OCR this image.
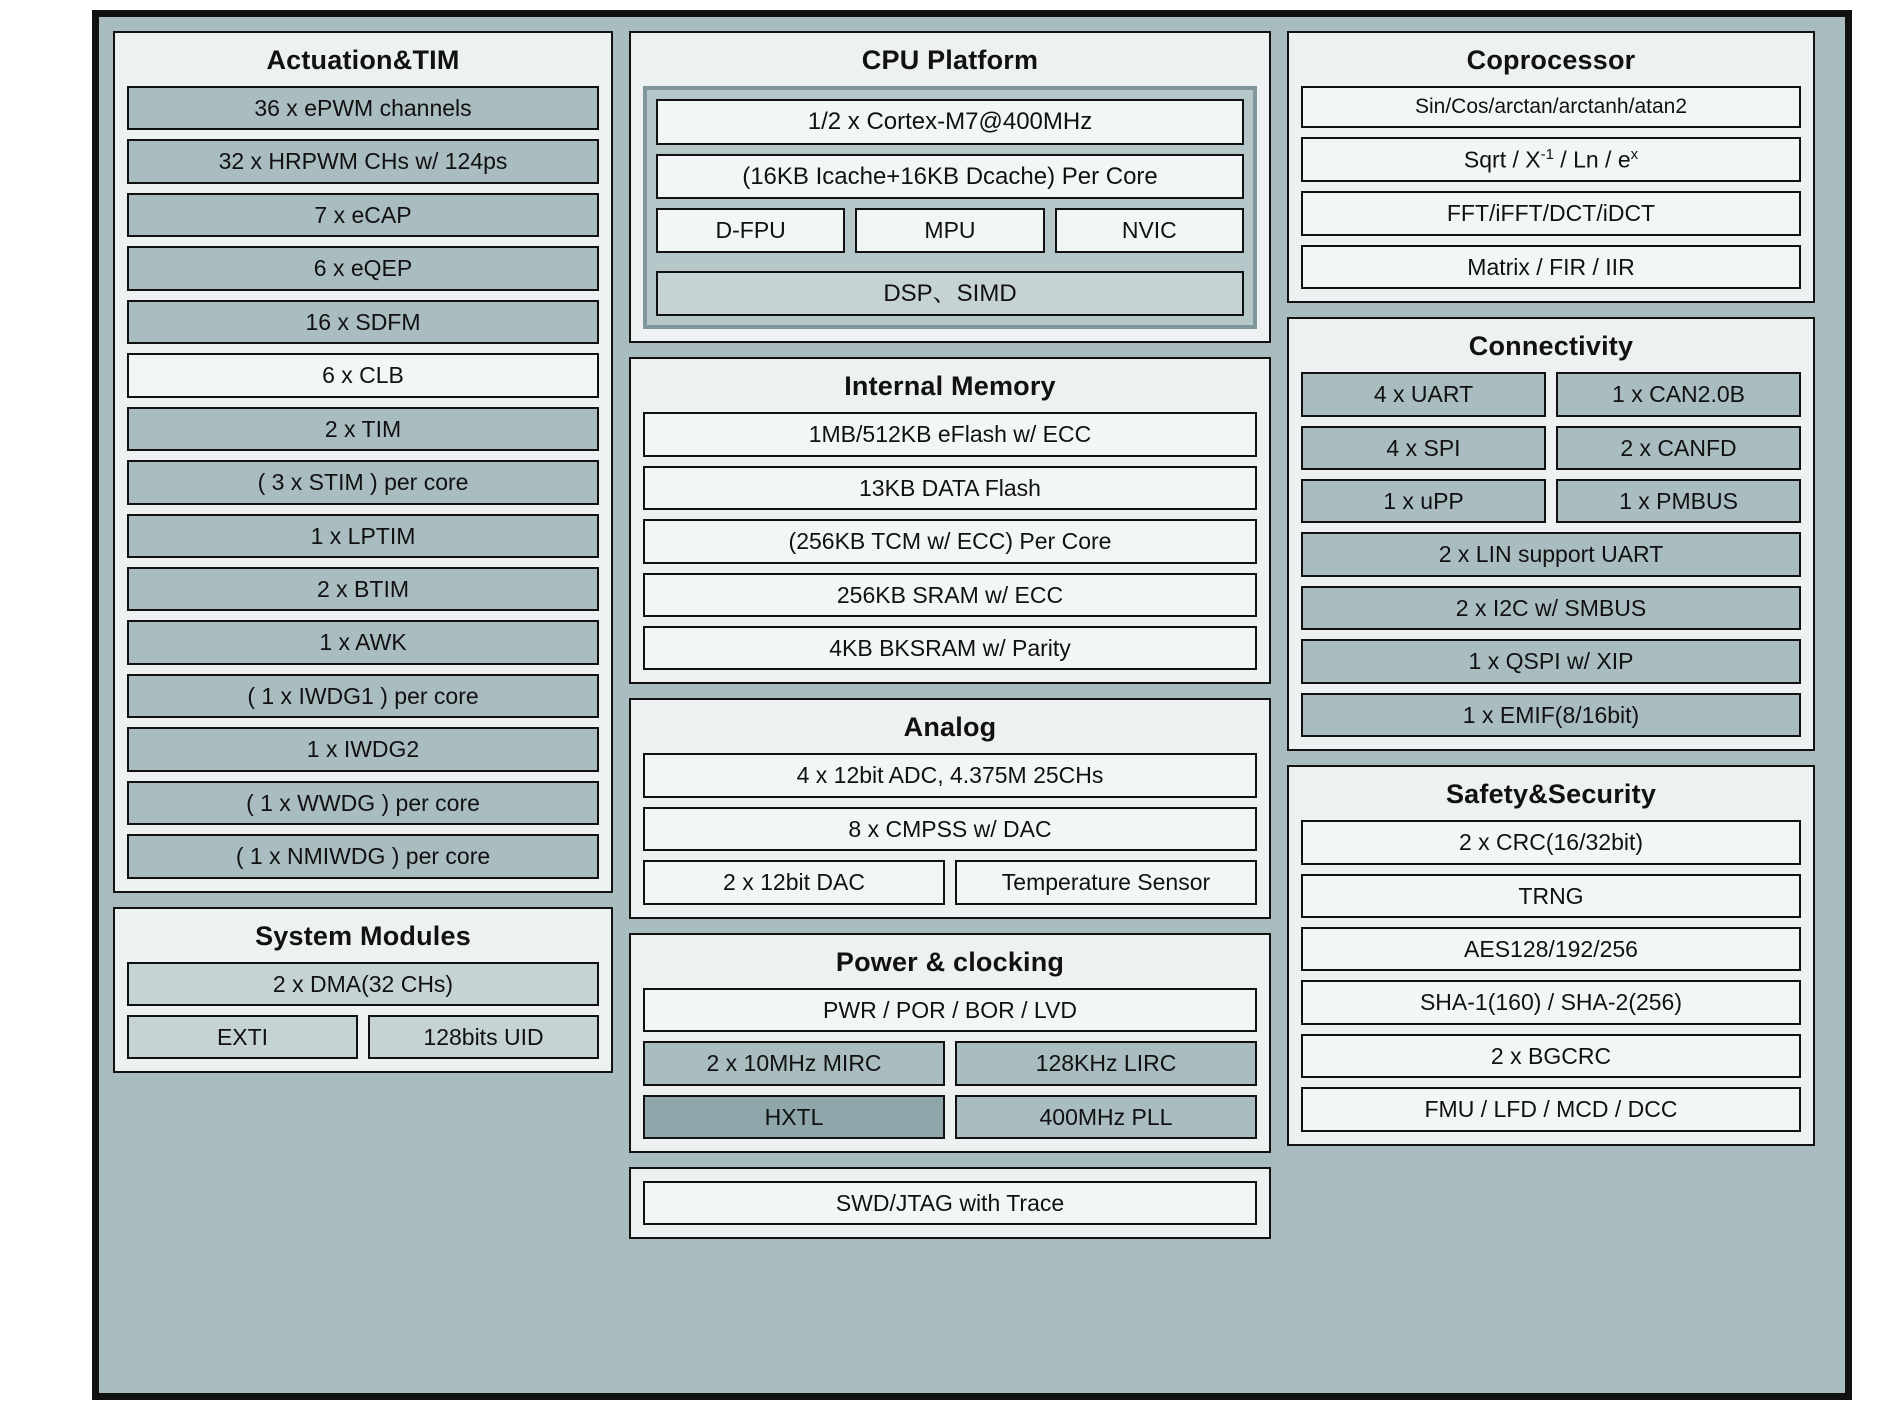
Actuation&TIM
36 x ePWM channels
32 x HRPWM CHs w/ 124ps
7 x eCAP
6 x eQEP
16 x SDFM
6 x CLB
2 x TIM
( 3 x STIM ) per core
1 x LPTIM
2 x BTIM
1 x AWK
( 1 x IWDG1 ) per core
1 x IWDG2
( 1 x WWDG ) per core
( 1 x NMIWDG ) per core
System Modules
2 x DMA(32 CHs)
EXTI	128bits UID
CPU Platform
1/2 x Cortex-M7@400MHz
(16KB Icache+16KB Dcache) Per Core
D-FPU	MPU	NVIC
DSP、SIMD
Internal Memory
1MB/512KB eFlash w/ ECC
13KB DATA Flash
(256KB TCM w/ ECC) Per Core
256KB SRAM w/ ECC
4KB BKSRAM w/ Parity
Analog
4 x 12bit ADC, 4.375M 25CHs
8 x CMPSS w/ DAC
2 x 12bit DAC	Temperature Sensor
Power & clocking
PWR / POR / BOR / LVD
2 x 10MHz MIRC	128KHz LIRC
HXTL	400MHz PLL
SWD/JTAG with Trace
Coprocessor
Sin/Cos/arctan/arctanh/atan2
Sqrt / $X^{-1}$ / Ln / $e^x$
FFT/iFFT/DCT/iDCT
Matrix / FIR / IIR
Connectivity
4 x UART	1 x CAN2.0B
4 x SPI	2 x CANFD
1 x uPP	1 x PMBUS
2 x LIN support UART
2 x I2C w/ SMBUS
1 x QSPI w/ XIP
1 x EMIF(8/16bit)
Safety&Security
2 x CRC(16/32bit)
TRNG
AES128/192/256
SHA-1(160) / SHA-2(256)
2 x BGCRC
FMU / LFD / MCD / DCC
